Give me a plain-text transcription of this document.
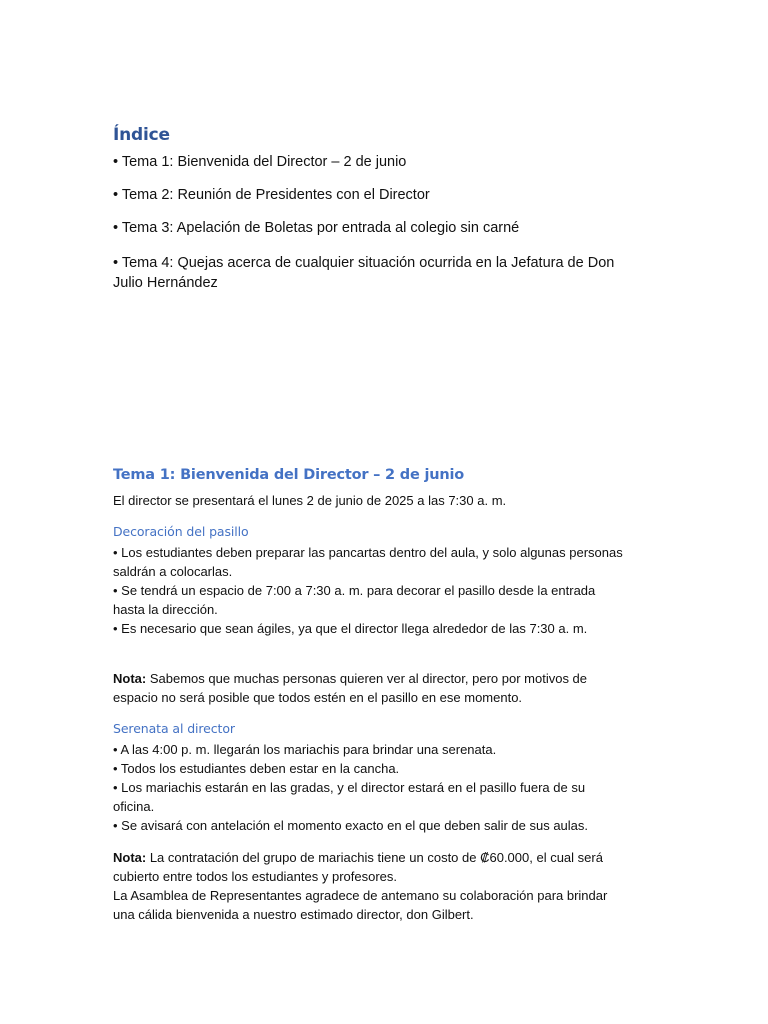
Índice
• Tema 1: Bienvenida del Director – 2 de junio
• Tema 2: Reunión de Presidentes con el Director
• Tema 3: Apelación de Boletas por entrada al colegio sin carné
• Tema 4: Quejas acerca de cualquier situación ocurrida en la Jefatura de Don
Julio Hernández
Tema 1: Bienvenida del Director – 2 de junio
El director se presentará el lunes 2 de junio de 2025 a las 7:30 a. m.
Decoración del pasillo
• Los estudiantes deben preparar las pancartas dentro del aula, y solo algunas personas
saldrán a colocarlas.
• Se tendrá un espacio de 7:00 a 7:30 a. m. para decorar el pasillo desde la entrada
hasta la dirección.
• Es necesario que sean ágiles, ya que el director llega alrededor de las 7:30 a. m.
Nota: Sabemos que muchas personas quieren ver al director, pero por motivos de
espacio no será posible que todos estén en el pasillo en ese momento.
Serenata al director
• A las 4:00 p. m. llegarán los mariachis para brindar una serenata.
• Todos los estudiantes deben estar en la cancha.
• Los mariachis estarán en las gradas, y el director estará en el pasillo fuera de su
oficina.
• Se avisará con antelación el momento exacto en el que deben salir de sus aulas.
Nota: La contratación del grupo de mariachis tiene un costo de ₡60.000, el cual será
cubierto entre todos los estudiantes y profesores.
La Asamblea de Representantes agradece de antemano su colaboración para brindar
una cálida bienvenida a nuestro estimado director, don Gilbert.
